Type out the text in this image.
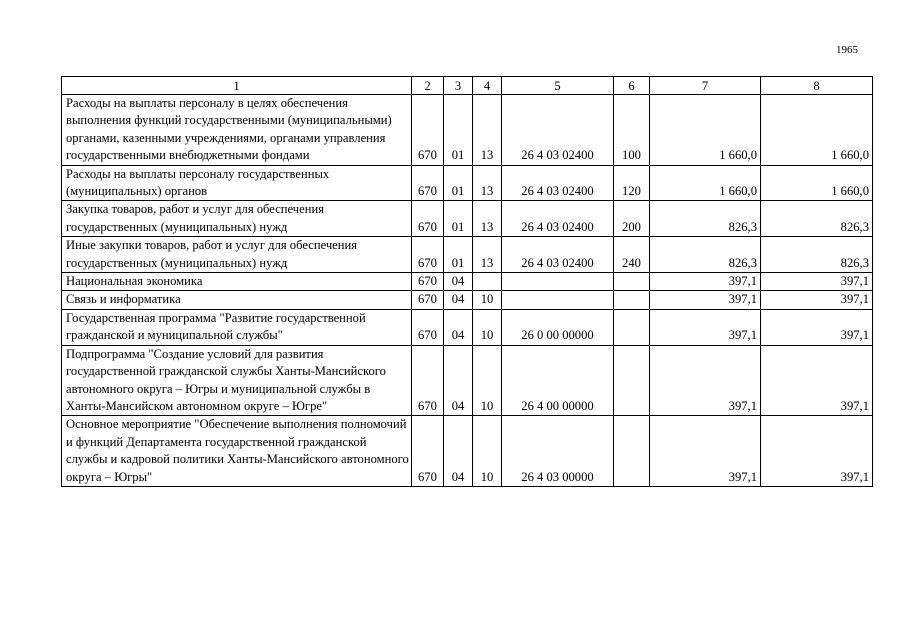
1965
1	2	3	4	5	6	7	8
Расходы на выплаты персоналу в целях обеспечения выполнения функций государственными (муниципальными) органами, казенными учреждениями, органами управления государственными внебюджетными фондами	670	01	13	26 4 03 02400	100	1 660,0	1 660,0
Расходы на выплаты персоналу государственных (муниципальных) органов	670	01	13	26 4 03 02400	120	1 660,0	1 660,0
Закупка товаров, работ и услуг для обеспечения государственных (муниципальных) нужд	670	01	13	26 4 03 02400	200	826,3	826,3
Иные закупки товаров, работ и услуг для обеспечения государственных (муниципальных) нужд	670	01	13	26 4 03 02400	240	826,3	826,3
Национальная экономика	670	04				397,1	397,1
Связь и информатика	670	04	10			397,1	397,1
Государственная программа "Развитие государственной гражданской и муниципальной службы"	670	04	10	26 0 00 00000		397,1	397,1
Подпрограмма "Создание условий для развития государственной гражданской службы Ханты-Мансийского автономного округа – Югры и муниципальной службы в Ханты-Мансийском автономном округе – Югре"	670	04	10	26 4 00 00000		397,1	397,1
Основное мероприятие "Обеспечение выполнения полномочий и функций Департамента государственной гражданской службы и кадровой политики Ханты-Мансийского автономного округа – Югры"	670	04	10	26 4 03 00000		397,1	397,1
